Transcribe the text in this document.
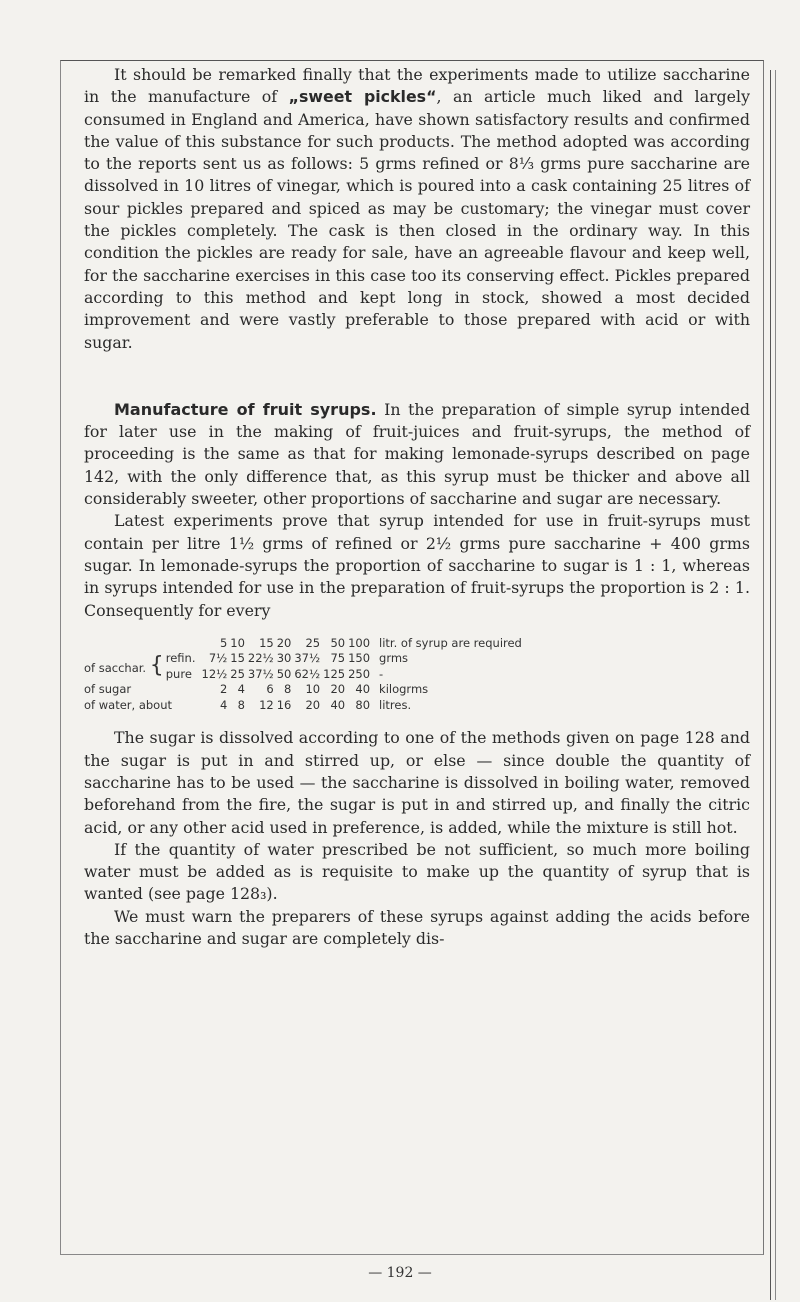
It should be remarked finally that the experiments made to utilize saccharine in the manufacture of „sweet pickles“, an article much liked and largely consumed in England and America, have shown satisfactory results and confirmed the value of this substance for such products. The method adopted was according to the reports sent us as follows: 5 grms refined or 8⅓ grms pure saccharine are dissolved in 10 litres of vinegar, which is poured into a cask containing 25 litres of sour pickles prepared and spiced as may be customary; the vinegar must cover the pickles completely. The cask is then closed in the ordinary way. In this condition the pickles are ready for sale, have an agreeable flavour and keep well, for the saccharine exercises in this case too its conserving effect. Pickles prepared according to this method and kept long in stock, showed a most decided improvement and were vastly preferable to those prepared with acid or with sugar.

Manufacture of fruit syrups. In the preparation of simple syrup intended for later use in the making of fruit-juices and fruit-syrups, the method of proceeding is the same as that for making lemonade-syrups described on page 142, with the only difference that, as this syrup must be thicker and above all considerably sweeter, other proportions of saccharine and sugar are necessary.

Latest experiments prove that syrup intended for use in fruit-syrups must contain per litre 1½ grms of refined or 2½ grms pure saccharine + 400 grms sugar. In lemonade-syrups the proportion of saccharine to sugar is 1 : 1, whereas in syrups intended for use in the preparation of fruit-syrups the proportion is 2 : 1. Consequently for every

		5	10	15	20	25	50	100	litr. of syrup are required
of sacchar. {	refin.	7½	15	22½	30	37½	75	150	grms
	pure	12½	25	37½	50	62½	125	250	-
of sugar		2	4	6	8	10	20	40	kilogrms
of water, about		4	8	12	16	20	40	80	litres.

The sugar is dissolved according to one of the methods given on page 128 and the sugar is put in and stirred up, or else — since double the quantity of saccharine has to be used — the saccharine is dissolved in boiling water, removed beforehand from the fire, the sugar is put in and stirred up, and finally the citric acid, or any other acid used in preference, is added, while the mixture is still hot.

If the quantity of water prescribed be not sufficient, so much more boiling water must be added as is requisite to make up the quantity of syrup that is wanted (see page 128₃).

We must warn the preparers of these syrups against adding the acids before the saccharine and sugar are completely dis-

— 192 —
